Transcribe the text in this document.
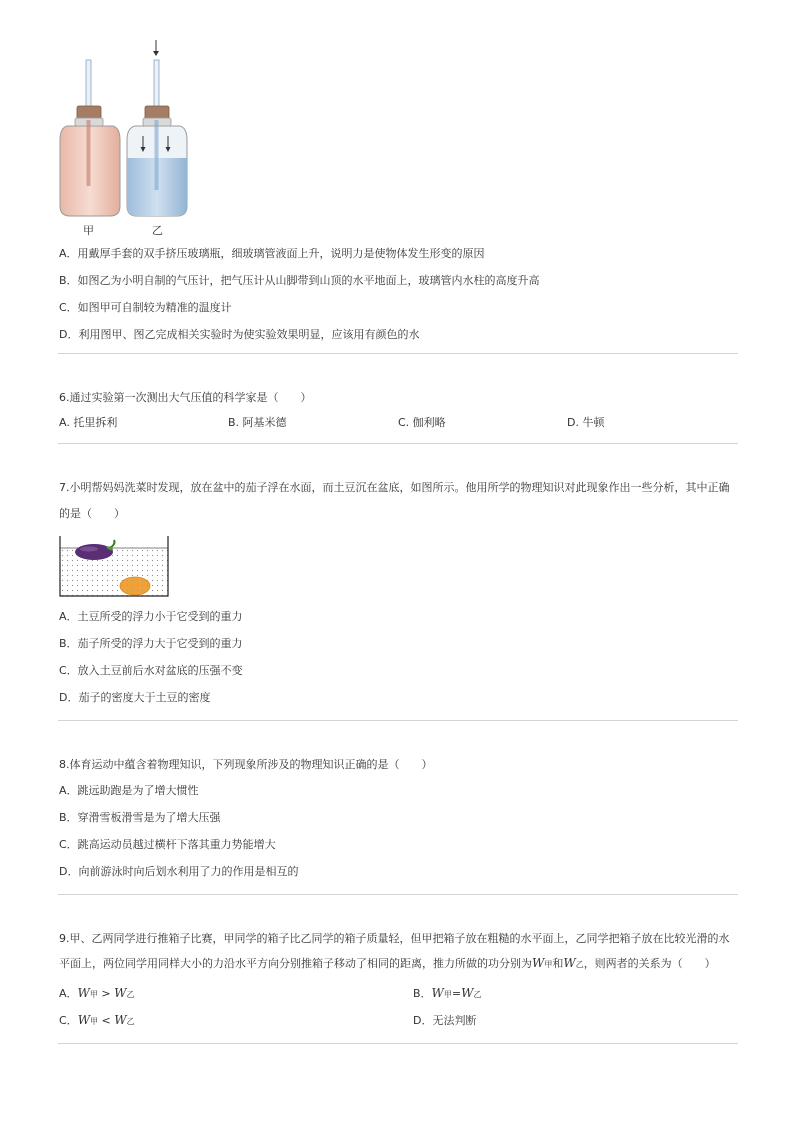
甲	乙
A．用戴厚手套的双手挤压玻璃瓶，细玻璃管液面上升，说明力是使物体发生形变的原因
B．如图乙为小明自制的气压计，把气压计从山脚带到山顶的水平地面上，玻璃管内水柱的高度升高
C．如图甲可自制较为精准的温度计
D．利用图甲、图乙完成相关实验时为使实验效果明显，应该用有颜色的水
6.通过实验第一次测出大气压值的科学家是（　　）
A. 托里拆利	B. 阿基米德	C. 伽利略	D. 牛顿
7.小明帮妈妈洗菜时发现，放在盆中的茄子浮在水面，而土豆沉在盆底，如图所示。他用所学的物理知识对此现象作出一些分析，其中正确
的是（　　）
A．土豆所受的浮力小于它受到的重力
B．茄子所受的浮力大于它受到的重力
C．放入土豆前后水对盆底的压强不变
D．茄子的密度大于土豆的密度
8.体育运动中蕴含着物理知识，下列现象所涉及的物理知识正确的是（　　）
A．跳远助跑是为了增大惯性
B．穿滑雪板滑雪是为了增大压强
C．跳高运动员越过横杆下落其重力势能增大
D．向前游泳时向后划水利用了力的作用是相互的
9.甲、乙两同学进行推箱子比赛，甲同学的箱子比乙同学的箱子质量轻，但甲把箱子放在粗糙的水平面上，乙同学把箱子放在比较光滑的水
平面上，两位同学用同样大小的力沿水平方向分别推箱子移动了相同的距离，推力所做的功分别为W甲和W乙，则两者的关系为（　　）
A．W甲 > W乙	B．W甲=W乙
C．W甲 < W乙	D．无法判断
